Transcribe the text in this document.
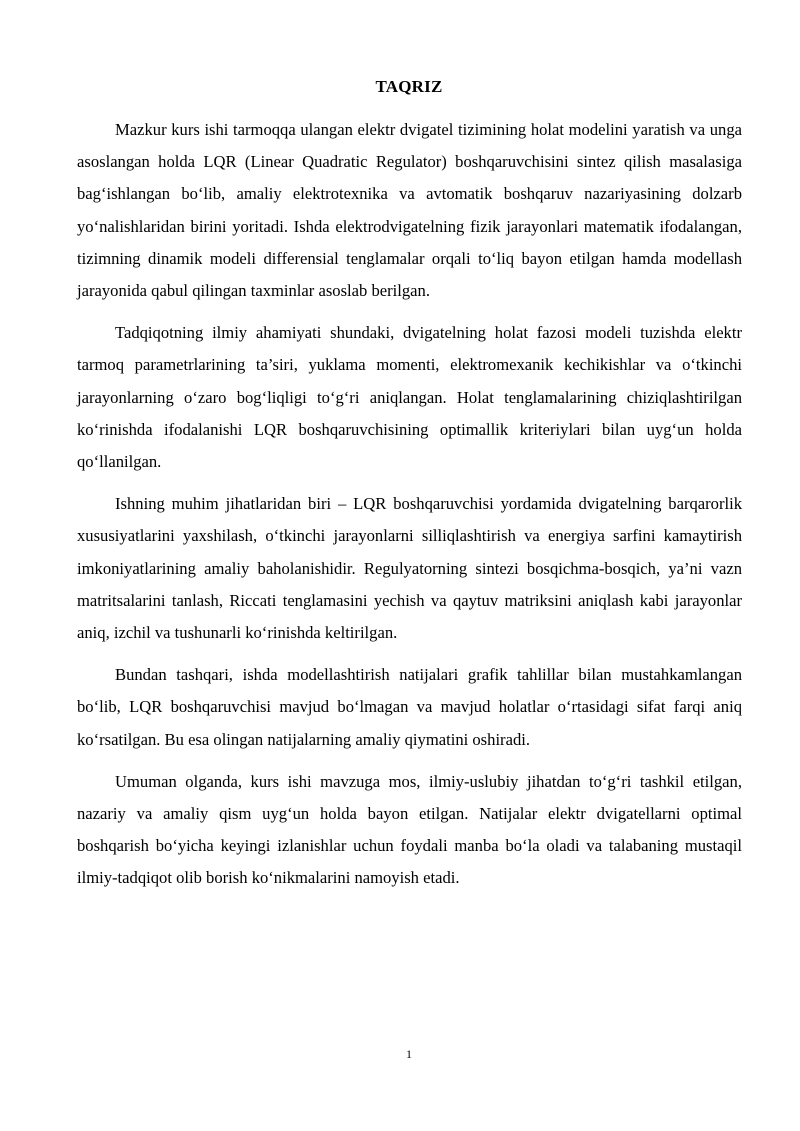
TAQRIZ

Mazkur kurs ishi tarmoqqa ulangan elektr dvigatel tizimining holat modelini yaratish va unga asoslangan holda LQR (Linear Quadratic Regulator) boshqaruvchisini sintez qilish masalasiga bag‘ishlangan bo‘lib, amaliy elektrotexnika va avtomatik boshqaruv nazariyasining dolzarb yo‘nalishlaridan birini yoritadi. Ishda elektrodvigatelning fizik jarayonlari matematik ifodalangan, tizimning dinamik modeli differensial tenglamalar orqali to‘liq bayon etilgan hamda modellash jarayonida qabul qilingan taxminlar asoslab berilgan.

Tadqiqotning ilmiy ahamiyati shundaki, dvigatelning holat fazosi modeli tuzishda elektr tarmoq parametrlarining ta’siri, yuklama momenti, elektromexanik kechikishlar va o‘tkinchi jarayonlarning o‘zaro bog‘liqligi to‘g‘ri aniqlangan. Holat tenglamalarining chiziqlashtirilgan ko‘rinishda ifodalanishi LQR boshqaruvchisining optimallik kriteriylari bilan uyg‘un holda qo‘llanilgan.

Ishning muhim jihatlaridan biri – LQR boshqaruvchisi yordamida dvigatelning barqarorlik xususiyatlarini yaxshilash, o‘tkinchi jarayonlarni silliqlashtirish va energiya sarfini kamaytirish imkoniyatlarining amaliy baholanishidir. Regulyatorning sintezi bosqichma-bosqich, ya’ni vazn matritsalarini tanlash, Riccati tenglamasini yechish va qaytuv matriksini aniqlash kabi jarayonlar aniq, izchil va tushunarli ko‘rinishda keltirilgan.

Bundan tashqari, ishda modellashtirish natijalari grafik tahlillar bilan mustahkamlangan bo‘lib, LQR boshqaruvchisi mavjud bo‘lmagan va mavjud holatlar o‘rtasidagi sifat farqi aniq ko‘rsatilgan. Bu esa olingan natijalarning amaliy qiymatini oshiradi.

Umuman olganda, kurs ishi mavzuga mos, ilmiy-uslubiy jihatdan to‘g‘ri tashkil etilgan, nazariy va amaliy qism uyg‘un holda bayon etilgan. Natijalar elektr dvigatellarni optimal boshqarish bo‘yicha keyingi izlanishlar uchun foydali manba bo‘la oladi va talabaning mustaqil ilmiy-tadqiqot olib borish ko‘nikmalarini namoyish etadi.

1
